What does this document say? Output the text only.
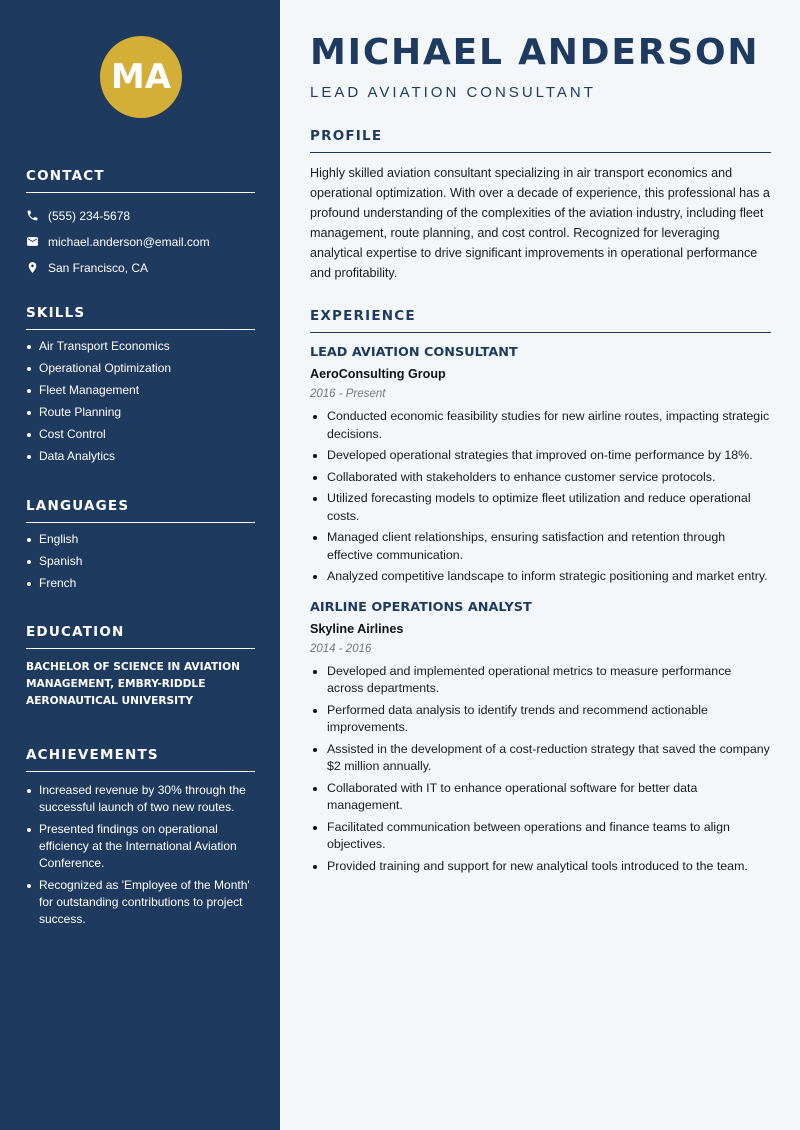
MA
CONTACT
(555) 234-5678
michael.anderson@email.com
San Francisco, CA
SKILLS
Air Transport Economics
Operational Optimization
Fleet Management
Route Planning
Cost Control
Data Analytics
LANGUAGES
English
Spanish
French
EDUCATION
BACHELOR OF SCIENCE IN AVIATION MANAGEMENT, EMBRY-RIDDLE AERONAUTICAL UNIVERSITY
ACHIEVEMENTS
Increased revenue by 30% through the successful launch of two new routes.
Presented findings on operational efficiency at the International Aviation Conference.
Recognized as 'Employee of the Month' for outstanding contributions to project success.
MICHAEL ANDERSON
LEAD AVIATION CONSULTANT
PROFILE

Highly skilled aviation consultant specializing in air transport economics and operational optimization. With over a decade of experience, this professional has a profound understanding of the complexities of the aviation industry, including fleet management, route planning, and cost control. Recognized for leveraging analytical expertise to drive significant improvements in operational performance and profitability.

EXPERIENCE
LEAD AVIATION CONSULTANT
AeroConsulting Group
2016 - Present
Conducted economic feasibility studies for new airline routes, impacting strategic decisions.
Developed operational strategies that improved on-time performance by 18%.
Collaborated with stakeholders to enhance customer service protocols.
Utilized forecasting models to optimize fleet utilization and reduce operational costs.
Managed client relationships, ensuring satisfaction and retention through effective communication.
Analyzed competitive landscape to inform strategic positioning and market entry.
AIRLINE OPERATIONS ANALYST
Skyline Airlines
2014 - 2016
Developed and implemented operational metrics to measure performance across departments.
Performed data analysis to identify trends and recommend actionable improvements.
Assisted in the development of a cost-reduction strategy that saved the company $2 million annually.
Collaborated with IT to enhance operational software for better data management.
Facilitated communication between operations and finance teams to align objectives.
Provided training and support for new analytical tools introduced to the team.
